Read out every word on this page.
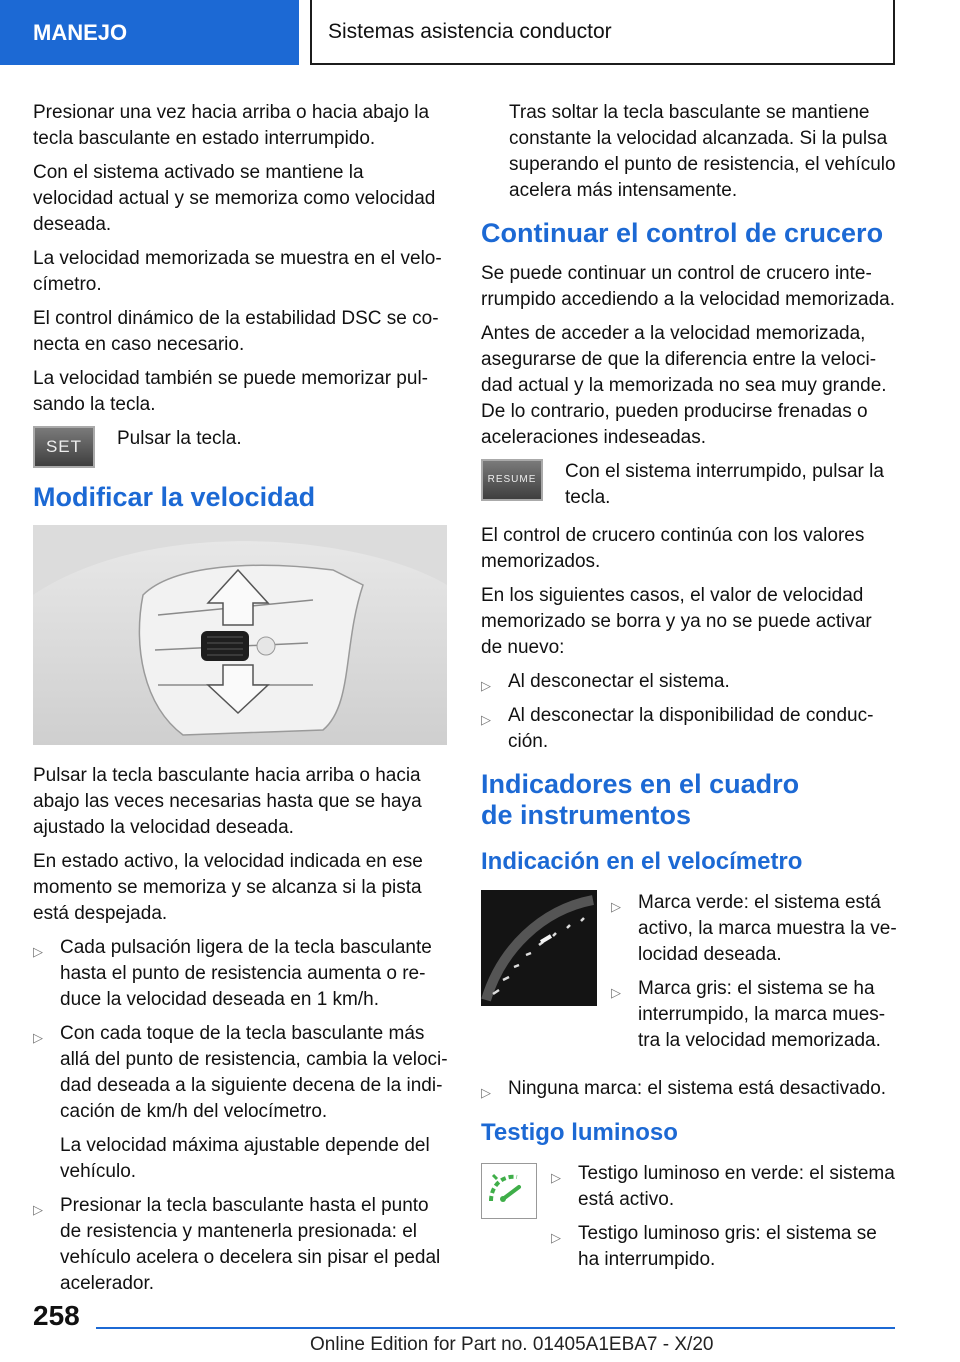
MANEJO	Sistemas asistencia conductor

Presionar una vez hacia arriba o hacia abajo la tecla basculante en estado interrumpido.

Con el sistema activado se mantiene la velocidad actual y se memoriza como velocidad deseada.

La velocidad memorizada se muestra en el velocímetro.

El control dinámico de la estabilidad DSC se conecta en caso necesario.

La velocidad también se puede memorizar pulsando la tecla.

SET	Pulsar la tecla.
Modificar la velocidad

Pulsar la tecla basculante hacia arriba o hacia abajo las veces necesarias hasta que se haya ajustado la velocidad deseada.

En estado activo, la velocidad indicada en ese momento se memoriza y se alcanza si la pista está despejada.

▷ Cada pulsación ligera de la tecla basculante hasta el punto de resistencia aumenta o reduce la velocidad deseada en 1 km/h.
▷ Con cada toque de la tecla basculante más allá del punto de resistencia, cambia la velocidad deseada a la siguiente decena de la indicación de km/h del velocímetro.
La velocidad máxima ajustable depende del vehículo.
▷ Presionar la tecla basculante hasta el punto de resistencia y mantenerla presionada: el vehículo acelera o decelera sin pisar el pedal acelerador.

Tras soltar la tecla basculante se mantiene constante la velocidad alcanzada. Si la pulsa superando el punto de resistencia, el vehículo acelera más intensamente.

Continuar el control de crucero

Se puede continuar un control de crucero interrumpido accediendo a la velocidad memorizada.

Antes de acceder a la velocidad memorizada, asegurarse de que la diferencia entre la velocidad actual y la memorizada no sea muy grande. De lo contrario, pueden producirse frenadas o aceleraciones indeseadas.

RESUME	Con el sistema interrumpido, pulsar la tecla.

El control de crucero continúa con los valores memorizados.

En los siguientes casos, el valor de velocidad memorizado se borra y ya no se puede activar de nuevo:

▷ Al desconectar el sistema.
▷ Al desconectar la disponibilidad de conducción.
Indicadores en el cuadro
de instrumentos
Indicación en el velocímetro
▷ Marca verde: el sistema está activo, la marca muestra la velocidad deseada.
▷ Marca gris: el sistema se ha interrumpido, la marca muestra la velocidad memorizada.
▷ Ninguna marca: el sistema está desactivado.
Testigo luminoso
▷ Testigo luminoso en verde: el sistema está activo.
▷ Testigo luminoso gris: el sistema se ha interrumpido.
258
Online Edition for Part no. 01405A1EBA7 - X/20
